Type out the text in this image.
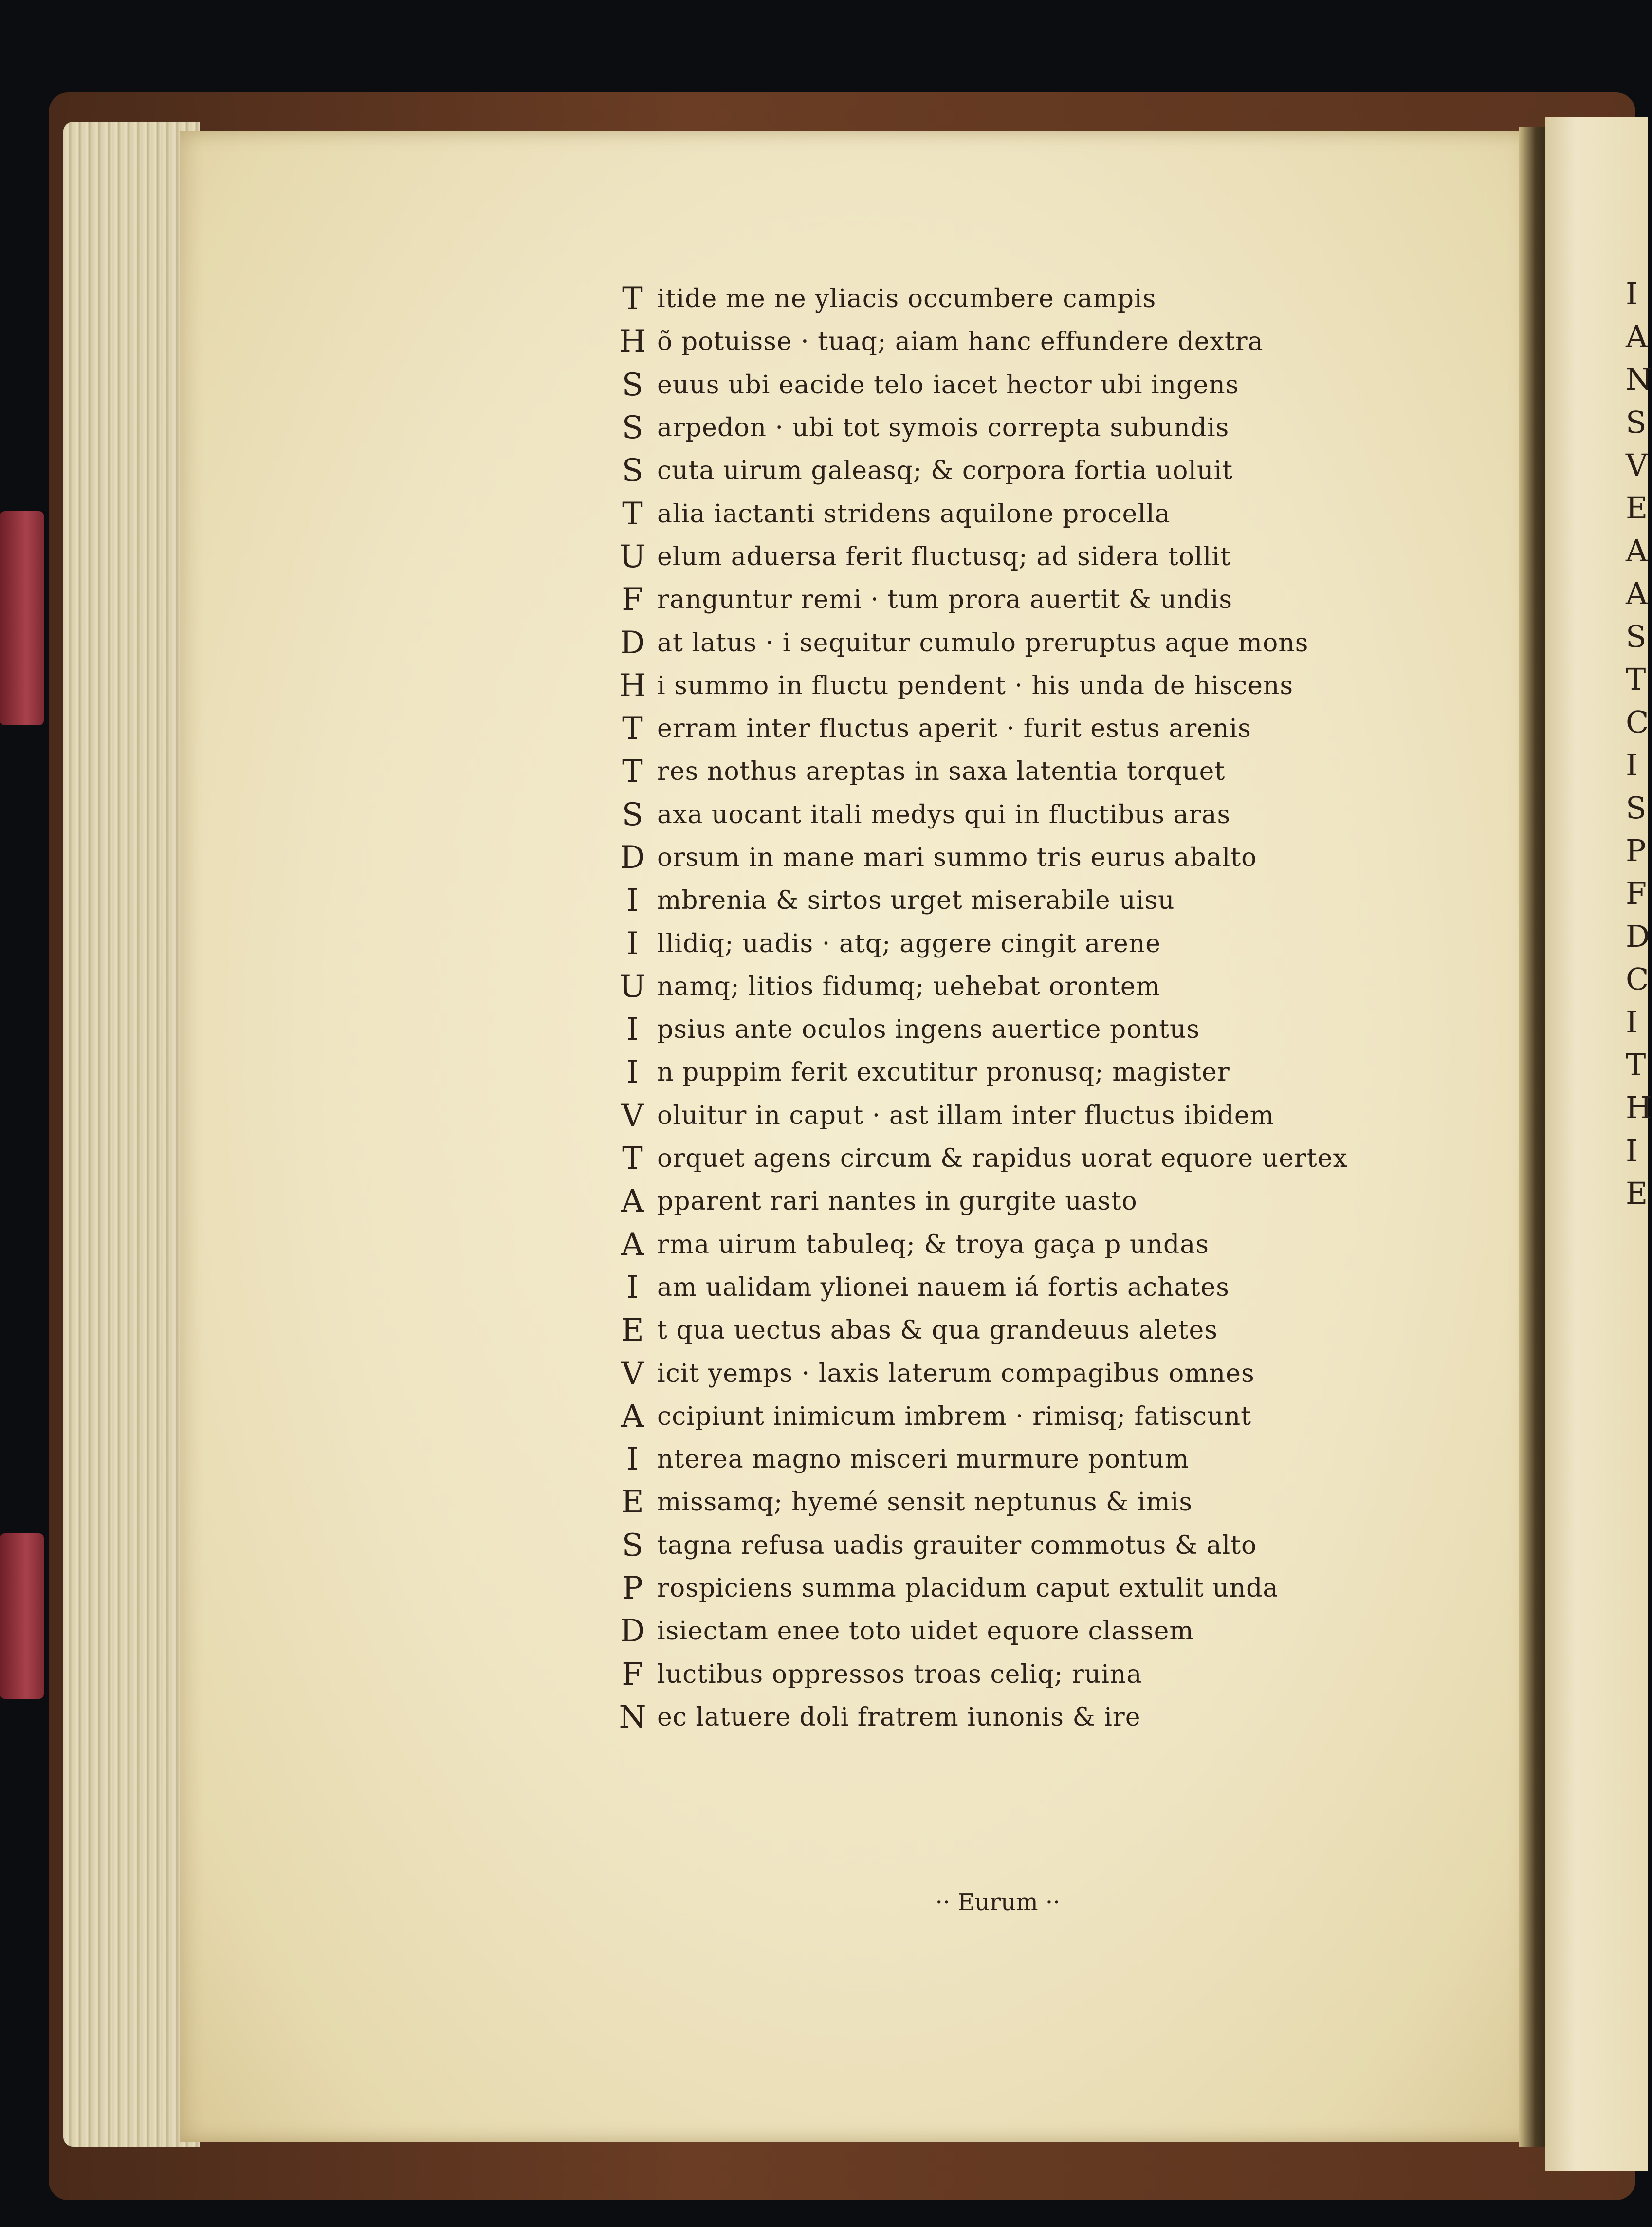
I
A
N
S
V
E
A
A
S
T
C
I
S
P
F
D
C
I
T
H
I
E
T itide me ne yliacis occumbere campis
H õ potuisse · tuaq; aiam hanc effundere dextra
S euus ubi eacide telo iacet hector ubi ingens
S arpedon · ubi tot symois correpta subundis
S cuta uirum galeasq; & corpora fortia uoluit
T alia iactanti stridens aquilone procella
U elum aduersa ferit fluctusq; ad sidera tollit
F ranguntur remi · tum prora auertit & undis
D at latus · i sequitur cumulo preruptus aque mons
H i summo in fluctu pendent · his unda de hiscens
T erram inter fluctus aperit · furit estus arenis
T res nothus areptas in saxa latentia torquet
S axa uocant itali medys qui in fluctibus aras
D orsum in mane mari summo tris eurus abalto
I mbrenia & sirtos urget miserabile uisu
I llidiq; uadis · atq; aggere cingit arene
U namq; litios fidumq; uehebat orontem
I psius ante oculos ingens auertice pontus
I n puppim ferit excutitur pronusq; magister
V oluitur in caput · ast illam inter fluctus ibidem
T orquet agens circum & rapidus uorat equore uertex
A pparent rari nantes in gurgite uasto
A rma uirum tabuleq; & troya gaça p undas
I am ualidam ylionei nauem iá fortis achates
E t qua uectus abas & qua grandeuus aletes
V icit yemps · laxis laterum compagibus omnes
A ccipiunt inimicum imbrem · rimisq; fatiscunt
I nterea magno misceri murmure pontum
E missamq; hyemé sensit neptunus & imis
S tagna refusa uadis grauiter commotus & alto
P rospiciens summa placidum caput extulit unda
D isiectam enee toto uidet equore classem
F luctibus oppressos troas celiq; ruina
N ec latuere doli fratrem iunonis & ire
·· Eurum ··
